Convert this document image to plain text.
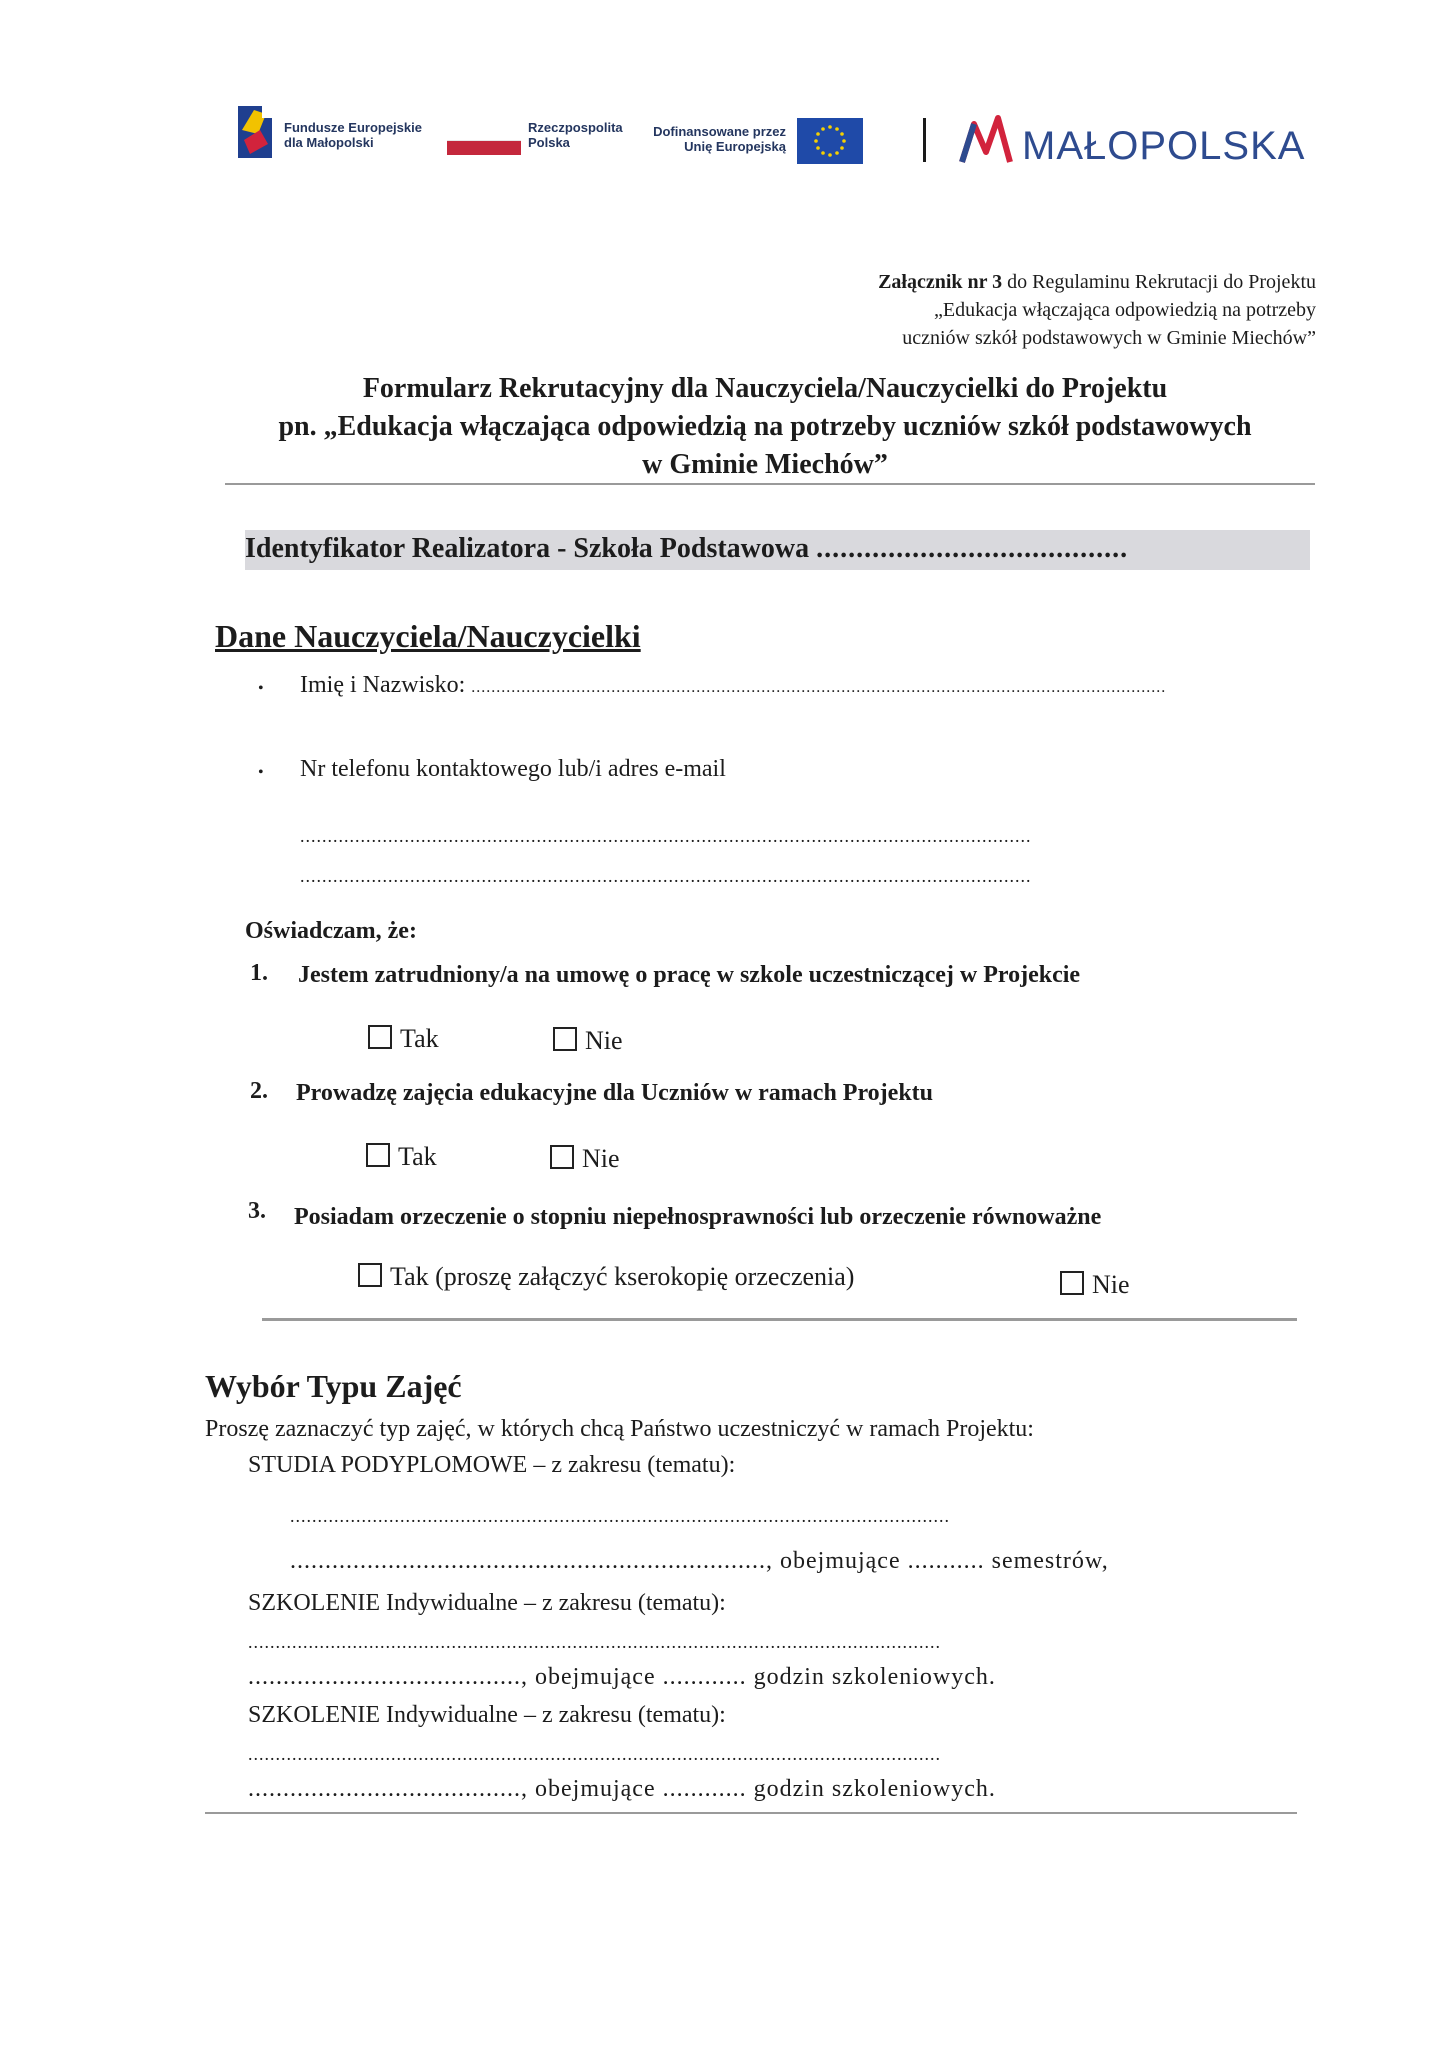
Fundusze Europejskie
dla Małopolski
Rzeczpospolita
Polska
Dofinansowane przez
Unię Europejską	MAŁOPOLSKA
Załącznik nr 3 do Regulaminu Rekrutacji do Projektu
„Edukacja włączająca odpowiedzią na potrzeby
uczniów szkół podstawowych w Gminie Miechów”
Formularz Rekrutacyjny dla Nauczyciela/Nauczycielki do Projektu
pn. „Edukacja włączająca odpowiedzią na potrzeby uczniów szkół podstawowych
w Gminie Miechów”
Identyfikator Realizatora - Szkoła Podstawowa .......................................
Dane Nauczyciela/Nauczycielki
• Imię i Nazwisko: ...........................................................................................................................................
• Nr telefonu kontaktowego lub/i adres e-mail
.....................................................................................................................................
.....................................................................................................................................
Oświadczam, że:
1. Jestem zatrudniony/a na umowę o pracę w szkole uczestniczącej w Projekcie
Tak	Nie
2. Prowadzę zajęcia edukacyjne dla Uczniów w ramach Projektu
Tak	Nie
3. Posiadam orzeczenie o stopniu niepełnosprawności lub orzeczenie równoważne
Tak (proszę załączyć kserokopię orzeczenia)	Nie
Wybór Typu Zajęć
Proszę zaznaczyć typ zajęć, w których chcą Państwo uczestniczyć w ramach Projektu:
STUDIA PODYPLOMOWE – z zakresu (tematu):
........................................................................................................................
...................................................................., obejmujące ........... semestrów,
SZKOLENIE Indywidualne – z zakresu (tematu):
..............................................................................................................................
......................................., obejmujące ............ godzin szkoleniowych.
SZKOLENIE Indywidualne – z zakresu (tematu):
..............................................................................................................................
......................................., obejmujące ............ godzin szkoleniowych.
